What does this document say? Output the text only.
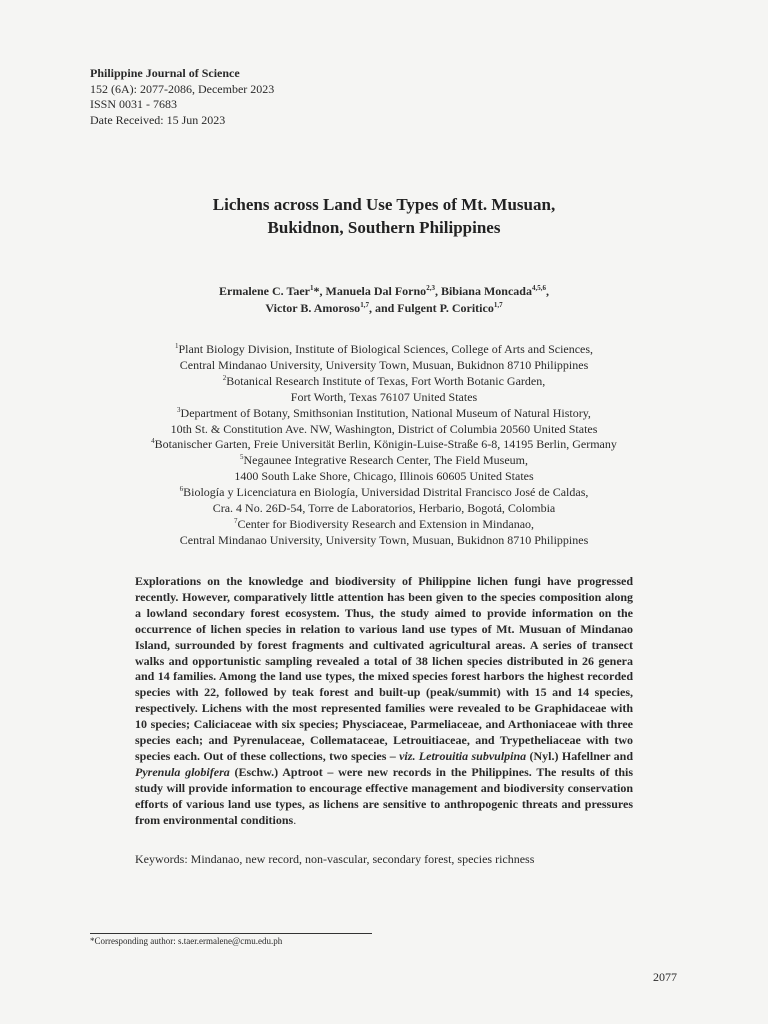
Philippine Journal of Science
152 (6A): 2077-2086, December 2023
ISSN 0031 - 7683
Date Received: 15 Jun 2023
Lichens across Land Use Types of Mt. Musuan,
Bukidnon, Southern Philippines
Ermalene C. Taer$^1$*, Manuela Dal Forno$^{2,3}$, Bibiana Moncada$^{4,5,6}$,
Victor B. Amoroso$^{1,7}$, and Fulgent P. Coritico$^{1,7}$
$^1$Plant Biology Division, Institute of Biological Sciences, College of Arts and Sciences,
Central Mindanao University, University Town, Musuan, Bukidnon 8710 Philippines
$^2$Botanical Research Institute of Texas, Fort Worth Botanic Garden,
Fort Worth, Texas 76107 United States
$^3$Department of Botany, Smithsonian Institution, National Museum of Natural History,
10th St. & Constitution Ave. NW, Washington, District of Columbia 20560 United States
$^4$Botanischer Garten, Freie Universität Berlin, Königin-Luise-Straße 6-8, 14195 Berlin, Germany
$^5$Negaunee Integrative Research Center, The Field Museum,
1400 South Lake Shore, Chicago, Illinois 60605 United States
$^6$Biología y Licenciatura en Biología, Universidad Distrital Francisco José de Caldas,
Cra. 4 No. 26D-54, Torre de Laboratorios, Herbario, Bogotá, Colombia
$^7$Center for Biodiversity Research and Extension in Mindanao,
Central Mindanao University, University Town, Musuan, Bukidnon 8710 Philippines
Explorations on the knowledge and biodiversity of Philippine lichen fungi have progressed recently. However, comparatively little attention has been given to the species composition along a lowland secondary forest ecosystem. Thus, the study aimed to provide information on the occurrence of lichen species in relation to various land use types of Mt. Musuan of Mindanao Island, surrounded by forest fragments and cultivated agricultural areas. A series of transect walks and opportunistic sampling revealed a total of 38 lichen species distributed in 26 genera and 14 families. Among the land use types, the mixed species forest harbors the highest recorded species with 22, followed by teak forest and built-up (peak/summit) with 15 and 14 species, respectively. Lichens with the most represented families were revealed to be Graphidaceae with 10 species; Caliciaceae with six species; Physciaceae, Parmeliaceae, and Arthoniaceae with three species each; and Pyrenulaceae, Collemataceae, Letrouitiaceae, and Trypetheliaceae with two species each. Out of these collections, two species – viz. Letrouitia subvulpina (Nyl.) Hafellner and Pyrenula globifera (Eschw.) Aptroot – were new records in the Philippines. The results of this study will provide information to encourage effective management and biodiversity conservation efforts of various land use types, as lichens are sensitive to anthropogenic threats and pressures from environmental conditions.
Keywords: Mindanao, new record, non-vascular, secondary forest, species richness
*Corresponding author: s.taer.ermalene@cmu.edu.ph
2077
